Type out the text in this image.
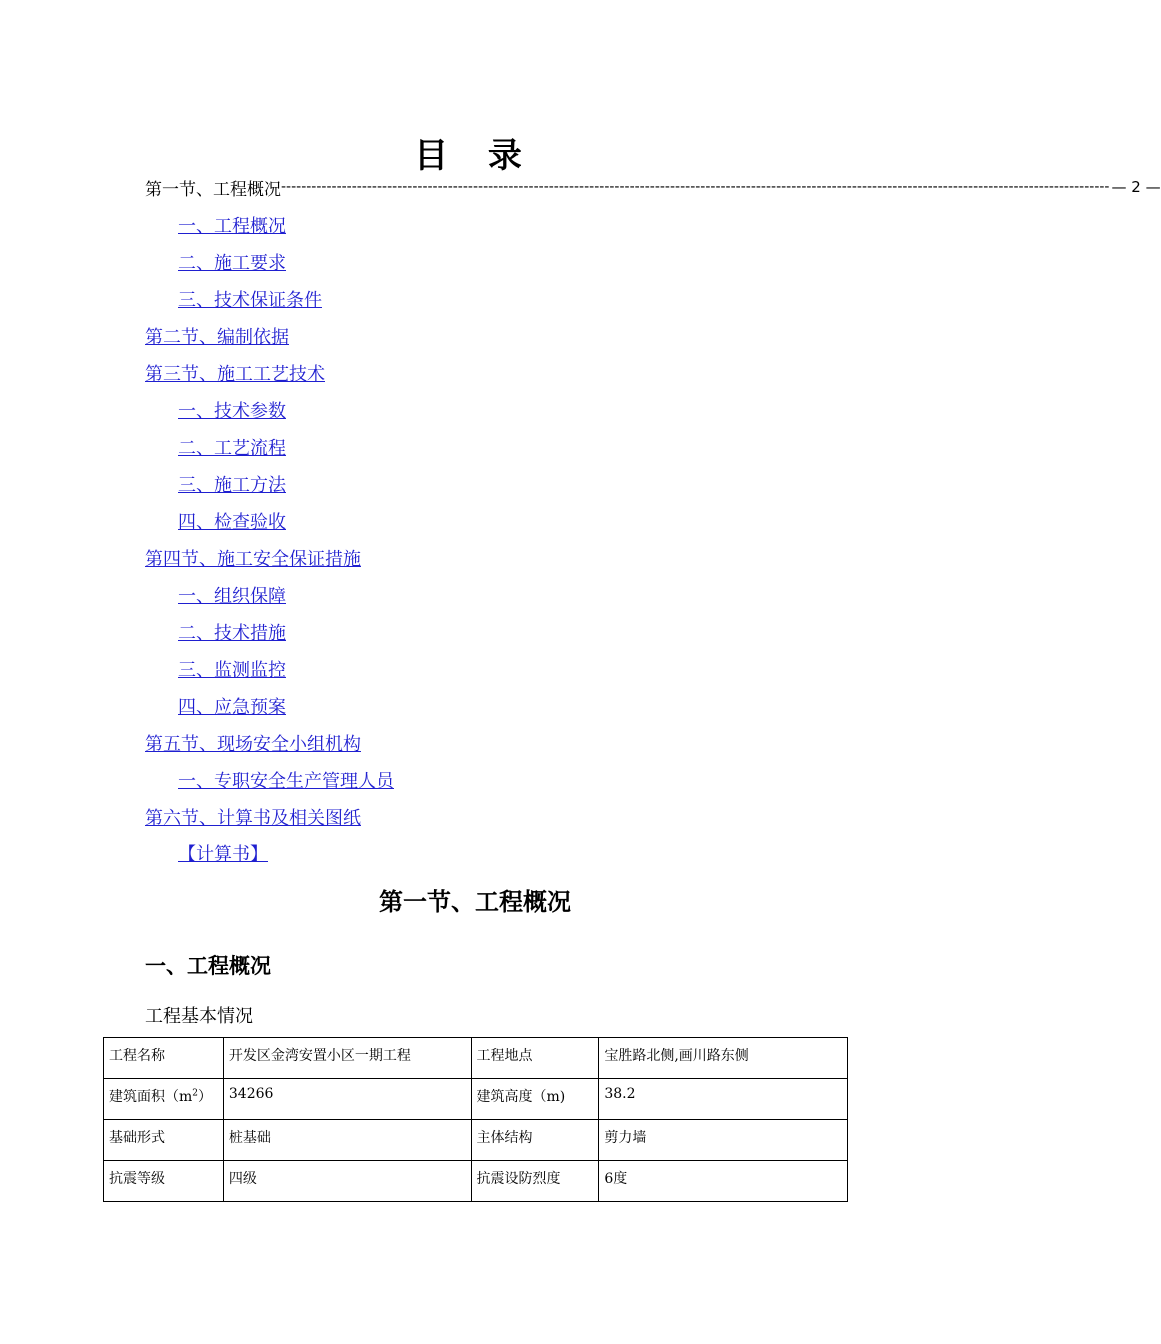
目 录
第一节、工程概况 -------------------------------------------------------------------------------------------------------------------------------------------------------------------- — 2 —
一、工程概况
二、施工要求
三、技术保证条件
第二节、编制依据
第三节、施工工艺技术
一、技术参数
二、工艺流程
三、施工方法
四、检查验收
第四节、施工安全保证措施
一、组织保障
二、技术措施
三、监测监控
四、应急预案
第五节、现场安全小组机构
一、专职安全生产管理人员
第六节、计算书及相关图纸
【计算书】
第一节、工程概况
一、工程概况
工程基本情况
工程名称	开发区金湾安置小区一期工程	工程地点	宝胜路北侧,画川路东侧
建筑面积$(m^2)$	34266	建筑高度（m)	38.2
基础形式	桩基础	主体结构	剪力墙
抗震等级	四级	抗震设防烈度	6度
